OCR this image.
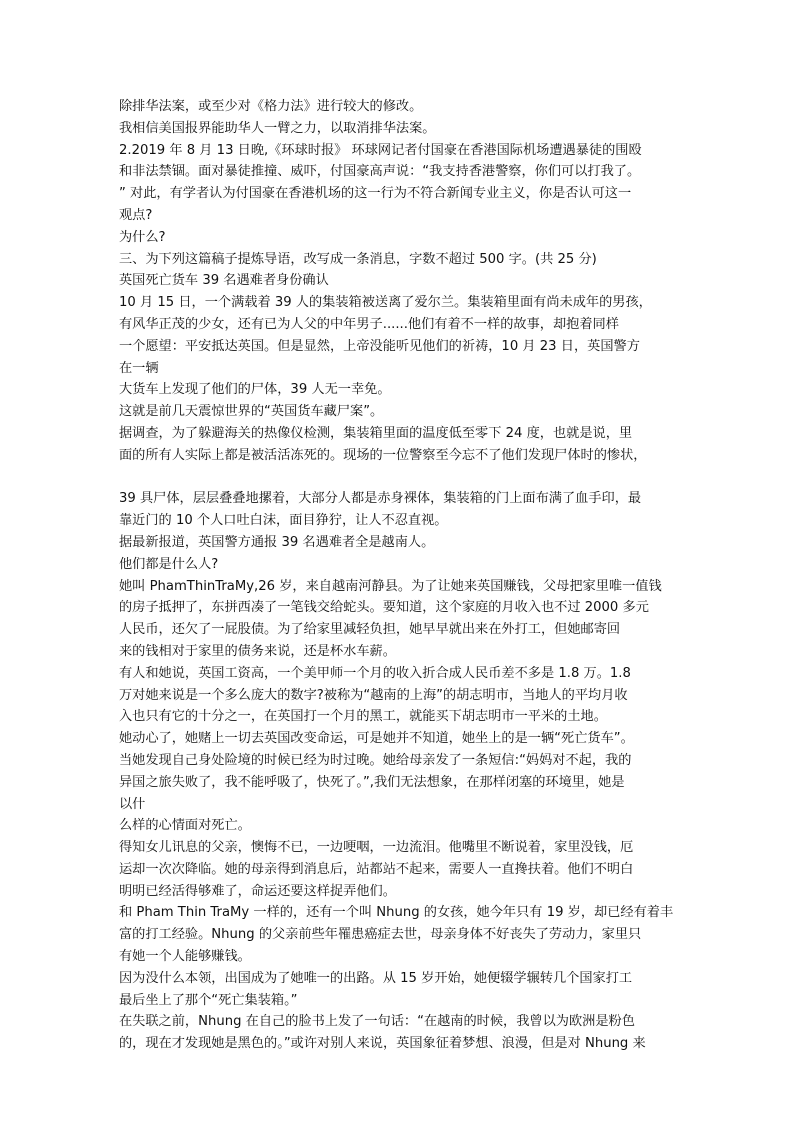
除排华法案，或至少对《格力法》进行较大的修改。
我相信美国报界能助华人一臂之力，以取消排华法案。
2.2019 年 8 月 13 日晚,《环球时报》 环球网记者付国豪在香港国际机场遭遇暴徒的围殴
和非法禁锢。面对暴徒推撞、威吓，付国豪高声说：“我支持香港警察，你们可以打我了。
” 对此，有学者认为付国豪在香港机场的这一行为不符合新闻专业主义，你是否认可这一
观点?
为什么?
三、为下列这篇稿子提炼导语，改写成一条消息，字数不超过 500 字。(共 25 分)
英国死亡货车 39 名遇难者身份确认
10 月 15 日，一个满载着 39 人的集装箱被送离了爱尔兰。集装箱里面有尚未成年的男孩，
有风华正茂的少女，还有已为人父的中年男子......他们有着不一样的故事，却抱着同样
一个愿望：平安抵达英国。但是显然，上帝没能听见他们的祈祷，10 月 23 日，英国警方
在一辆
大货车上发现了他们的尸体，39 人无一幸免。
这就是前几天震惊世界的“英国货车藏尸案”。
据调查，为了躲避海关的热像仪检测，集装箱里面的温度低至零下 24 度，也就是说，里
面的所有人实际上都是被活活冻死的。现场的一位警察至今忘不了他们发现尸体时的惨状，
39 具尸体，层层叠叠地摞着，大部分人都是赤身裸体，集装箱的门上面布满了血手印，最
靠近门的 10 个人口吐白沫，面目狰狞，让人不忍直视。
据最新报道，英国警方通报 39 名遇难者全是越南人。
他们都是什么人?
她叫 PhamThinTraMy,26 岁，来自越南河静县。为了让她来英国赚钱，父母把家里唯一值钱
的房子抵押了，东拼西凑了一笔钱交给蛇头。要知道，这个家庭的月收入也不过 2000 多元
人民币，还欠了一屁股债。为了给家里减轻负担，她早早就出来在外打工，但她邮寄回
来的钱相对于家里的债务来说，还是杯水车薪。
有人和她说，英国工资高，一个美甲师一个月的收入折合成人民币差不多是 1.8 万。1.8
万对她来说是一个多么庞大的数字?被称为“越南的上海”的胡志明市，当地人的平均月收
入也只有它的十分之一，在英国打一个月的黑工，就能买下胡志明市一平米的土地。
她动心了，她赌上一切去英国改变命运，可是她并不知道，她坐上的是一辆“死亡货车”。
当她发现自己身处险境的时候已经为时过晚。她给母亲发了一条短信:“妈妈对不起，我的
异国之旅失败了，我不能呼吸了，快死了。”,我们无法想象，在那样闭塞的环境里，她是
以什
么样的心情面对死亡。
得知女儿讯息的父亲，懊悔不已，一边哽咽，一边流泪。他嘴里不断说着，家里没钱，厄
运却一次次降临。她的母亲得到消息后，站都站不起来，需要人一直搀扶着。他们不明白
明明已经活得够难了，命运还要这样捉弄他们。
和 Pham Thin TraMy 一样的，还有一个叫 Nhung 的女孩，她今年只有 19 岁，却已经有着丰
富的打工经验。Nhung 的父亲前些年罹患癌症去世，母亲身体不好丧失了劳动力，家里只
有她一个人能够赚钱。
因为没什么本领，出国成为了她唯一的出路。从 15 岁开始，她便辍学辗转几个国家打工
最后坐上了那个“死亡集装箱。”
在失联之前，Nhung 在自己的脸书上发了一句话：“在越南的时候，我曾以为欧洲是粉色
的，现在才发现她是黑色的。”或许对别人来说，英国象征着梦想、浪漫，但是对 Nhung 来
